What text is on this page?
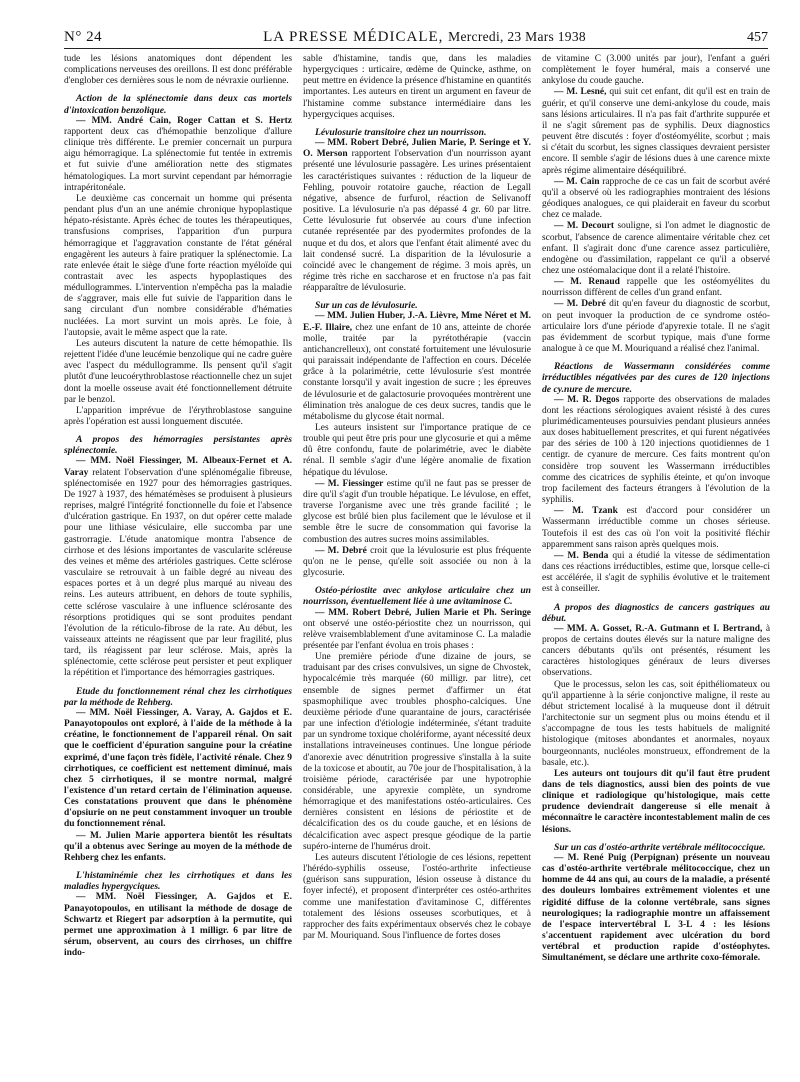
N° 24	LA PRESSE MÉDICALE, Mercredi, 23 Mars 1938	457

tude les lésions anatomiques dont dépendent les complications nerveuses des oreillons. Il est donc préférable d'englober ces dernières sous le nom de névraxie ourlienne.

Action de la splénectomie dans deux cas mortels d'intoxication benzolique.

— MM. André Cain, Roger Cattan et S. Hertz rapportent deux cas d'hémopathie benzolique d'allure clinique très différente. Le premier concernait un purpura aigu hémorragique. La splénectomie fut tentée in extremis et fut suivie d'une amélioration nette des stigmates hématologiques. La mort survint cependant par hémorragie intrapéritonéale.

Le deuxième cas concernait un homme qui présenta pendant plus d'un an une anémie chronique hypoplastique hépato-résistante. Après échec de toutes les thérapeutiques, transfusions comprises, l'apparition d'un purpura hémorragique et l'aggravation constante de l'état général engagèrent les auteurs à faire pratiquer la splénectomie. La rate enlevée était le siège d'une forte réaction myéloïde qui contrastait avec les aspects hypoplastiques des médullogrammes. L'intervention n'empêcha pas la maladie de s'aggraver, mais elle fut suivie de l'apparition dans le sang circulant d'un nombre considérable d'hématies nucléées. La mort survint un mois après. Le foie, à l'autopsie, avait le même aspect que la rate.

Les auteurs discutent la nature de cette hémopathie. Ils rejettent l'idée d'une leucémie benzolique qui ne cadre guère avec l'aspect du médullogramme. Ils pensent qu'il s'agit plutôt d'une leucoérythroblastose réactionnelle chez un sujet dont la moelle osseuse avait été fonctionnellement détruite par le benzol.

L'apparition imprévue de l'érythroblastose sanguine après l'opération est aussi longuement discutée.

A propos des hémorragies persistantes après splénectomie.

— MM. Noël Fiessinger, M. Albeaux-Fernet et A. Varay relatent l'observation d'une splénomégalie fibreuse, splénectomisée en 1927 pour des hémorragies gastriques. De 1927 à 1937, des hématémèses se produisent à plusieurs reprises, malgré l'intégrité fonctionnelle du foie et l'absence d'ulcération gastrique. En 1937, on dut opérer cette malade pour une lithiase vésiculaire, elle succomba par une gastrorragie. L'étude anatomique montra l'absence de cirrhose et des lésions importantes de vascularite scléreuse des veines et même des artérioles gastriques. Cette sclérose vasculaire se retrouvait à un faible degré au niveau des espaces portes et à un degré plus marqué au niveau des reins. Les auteurs attribuent, en dehors de toute syphilis, cette sclérose vasculaire à une influence sclérosante des résorptions protidiques qui se sont produites pendant l'évolution de la réticulo-fibrose de la rate. Au début, les vaisseaux atteints ne réagissent que par leur fragilité, plus tard, ils réagissent par leur sclérose. Mais, après la splénectomie, cette sclérose peut persister et peut expliquer la répétition et l'importance des hémorragies gastriques.

Etude du fonctionnement rénal chez les cirrhotiques par la méthode de Rehberg.

— MM. Noël Fiessinger, A. Varay, A. Gajdos et E. Panayotopoulos ont exploré, à l'aide de la méthode à la créatine, le fonctionnement de l'appareil rénal. On sait que le coefficient d'épuration sanguine pour la créatine exprimé, d'une façon très fidèle, l'activité rénale. Chez 9 cirrhotiques, ce coefficient est nettement diminué, mais chez 5 cirrhotiques, il se montre normal, malgré l'existence d'un retard certain de l'élimination aqueuse. Ces constatations prouvent que dans le phénomène d'opsiurie on ne peut constamment invoquer un trouble du fonctionnement rénal.

— M. Julien Marie apportera bientôt les résultats qu'il a obtenus avec Seringe au moyen de la méthode de Rehberg chez les enfants.

L'histaminémie chez les cirrhotiques et dans les maladies hypergyciques.

— MM. Noël Fiessinger, A. Gajdos et E. Panayotopoulos, en utilisant la méthode de dosage de Schwartz et Riegert par adsorption à la permutite, qui permet une approximation à 1 milligr. 6 par litre de sérum, observent, au cours des cirrhoses, un chiffre indo-

sable d'histamine, tandis que, dans les maladies hypergyciques : urticaire, œdème de Quincke, asthme, on peut mettre en évidence la présence d'histamine en quantités importantes. Les auteurs en tirent un argument en faveur de l'histamine comme substance intermédiaire dans les hypergyciques acquises.

Lévulosurie transitoire chez un nourrisson.

— MM. Robert Debré, Julien Marie, P. Seringe et Y. O. Merson rapportent l'observation d'un nourrisson ayant présenté une lévulosurie passagère. Les urines présentaient les caractéristiques suivantes : réduction de la liqueur de Fehling, pouvoir rotatoire gauche, réaction de Legall négative, absence de furfurol, réaction de Selivanoff positive. La lévulosurie n'a pas dépassé 4 gr. 60 par litre. Cette lévulosurie fut observée au cours d'une infection cutanée représentée par des pyodermites profondes de la nuque et du dos, et alors que l'enfant était alimenté avec du lait condensé sucré. La disparition de la lévulosurie a coïncidé avec le changement de régime. 3 mois après, un régime très riche en saccharose et en fructose n'a pas fait réapparaître de lévulosurie.

Sur un cas de lévulosurie.

— MM. Julien Huber, J.-A. Lièvre, Mme Néret et M. E.-F. Illaire, chez une enfant de 10 ans, atteinte de chorée molle, traitée par la pyrétothérapie (vaccin antichancrelleux), ont constaté fortuitement une lévulosurie qui paraissait indépendante de l'affection en cours. Décelée grâce à la polarimétrie, cette lévulosurie s'est montrée constante lorsqu'il y avait ingestion de sucre ; les épreuves de lévulosurie et de galactosurie provoquées montrèrent une élimination très analogue de ces deux sucres, tandis que le métabolisme du glycose était normal.

Les auteurs insistent sur l'importance pratique de ce trouble qui peut être pris pour une glycosurie et qui a même dû être confondu, faute de polarimétrie, avec le diabète rénal. Il semble s'agir d'une légère anomalie de fixation hépatique du lévulose.

— M. Fiessinger estime qu'il ne faut pas se presser de dire qu'il s'agit d'un trouble hépatique. Le lévulose, en effet, traverse l'organisme avec une très grande facilité ; le glycose est brûlé bien plus facilement que le lévulose et il semble être le sucre de consommation qui favorise la combustion des autres sucres moins assimilables.

— M. Debré croit que la lévulosurie est plus fréquente qu'on ne le pense, qu'elle soit associée ou non à la glycosurie.

Ostéo-périostite avec ankylose articulaire chez un nourrisson, éventuellement liée à une avitaminose C.

— MM. Robert Debré, Julien Marie et Ph. Seringe ont observé une ostéo-périostite chez un nourrisson, qui relève vraisemblablement d'une avitaminose C. La maladie présentée par l'enfant évolua en trois phases :

Une première période d'une dizaine de jours, se traduisant par des crises convulsives, un signe de Chvostek, hypocalcémie très marquée (60 milligr. par litre), cet ensemble de signes permet d'affirmer un état spasmophilique avec troubles phospho-calciques. Une deuxième période d'une quarantaine de jours, caractérisée par une infection d'étiologie indéterminée, s'étant traduite par un syndrome toxique cholériforme, ayant nécessité deux installations intraveineuses continues. Une longue période d'anorexie avec dénutrition progressive s'installa à la suite de la toxicose et aboutit, au 70e jour de l'hospitalisation, à la troisième période, caractérisée par une hypotrophie considérable, une apyrexie complète, un syndrome hémorragique et des manifestations ostéo-articulaires. Ces dernières consistent en lésions de périostite et de décalcification des os du coude gauche, et en lésions de décalcification avec aspect presque géodique de la partie supéro-interne de l'humérus droit.

Les auteurs discutent l'étiologie de ces lésions, repettent l'hérédo-syphilis osseuse, l'ostéo-arthrite infectieuse (guérison sans suppuration, lésion osseuse à distance du foyer infecté), et proposent d'interpréter ces ostéo-arthrites comme une manifestation d'avitaminose C, différentes totalement des lésions osseuses scorbutiques, et à rapprocher des faits expérimentaux observés chez le cobaye par M. Mouriquand. Sous l'influence de fortes doses

de vitamine C (3.000 unités par jour), l'enfant a guéri complètement le foyer huméral, mais a conservé une ankylose du coude gauche.

— M. Lesné, qui suit cet enfant, dit qu'il est en train de guérir, et qu'il conserve une demi-ankylose du coude, mais sans lésions articulaires. Il n'a pas fait d'arthrite suppurée et il ne s'agit sûrement pas de syphilis. Deux diagnostics peuvent être discutés : foyer d'ostéomyélite, scorbut ; mais si c'était du scorbut, les signes classiques devraient persister encore. Il semble s'agir de lésions dues à une carence mixte après régime alimentaire déséquilibré.

— M. Cain rapproche de ce cas un fait de scorbut avéré qu'il a observé où les radiographies montraient des lésions géodiques analogues, ce qui plaiderait en faveur du scorbut chez ce malade.

— M. Decourt souligne, si l'on admet le diagnostic de scorbut, l'absence de carence alimentaire véritable chez cet enfant. Il s'agirait donc d'une carence assez particulière, endogène ou d'assimilation, rappelant ce qu'il a observé chez une ostéomalacique dont il a relaté l'histoire.

— M. Renaud rappelle que les ostéomyélites du nourrisson diffèrent de celles d'un grand enfant.

— M. Debré dit qu'en faveur du diagnostic de scorbut, on peut invoquer la production de ce syndrome ostéo-articulaire lors d'une période d'apyrexie totale. Il ne s'agit pas évidemment de scorbut typique, mais d'une forme analogue à ce que M. Mouriquand a réalisé chez l'animal.

Réactions de Wassermann considérées comme irréductibles négativées par des cures de 120 injections de cy.nure de mercure.

— M. R. Degos rapporte des observations de malades dont les réactions sérologiques avaient résisté à des cures plurimédicamenteuses poursuivies pendant plusieurs années aux doses habituellement prescrites, et qui furent négativées par des séries de 100 à 120 injections quotidiennes de 1 centigr. de cyanure de mercure. Ces faits montrent qu'on considère trop souvent les Wassermann irréductibles comme des cicatrices de syphilis éteinte, et qu'on invoque trop facilement des facteurs étrangers à l'évolution de la syphilis.

— M. Tzank est d'accord pour considérer un Wassermann irréductible comme un choses sérieuse. Toutefois il est des cas où l'on voit la positivité fléchir apparemment sans raison après quelques mois.

— M. Benda qui a étudié la vitesse de sédimentation dans ces réactions irréductibles, estime que, lorsque celle-ci est accélérée, il s'agit de syphilis évolutive et le traitement est à conseiller.

A propos des diagnostics de cancers gastriques au début.

— MM. A. Gosset, R.-A. Gutmann et I. Bertrand, à propos de certains doutes élevés sur la nature maligne des cancers débutants qu'ils ont présentés, résument les caractères histologiques généraux de leurs diverses observations.

Que le processus, selon les cas, soit épithéliomateux ou qu'il appartienne à la série conjonctive maligne, il reste au début strictement localisé à la muqueuse dont il détruit l'architectonie sur un segment plus ou moins étendu et il s'accompagne de tous les tests habituels de malignité histologique (mitoses abondantes et anormales, noyaux bourgeonnants, nucléoles monstrueux, effondrement de la basale, etc.).

Les auteurs ont toujours dit qu'il faut être prudent dans de tels diagnostics, aussi bien des points de vue clinique et radiologique qu'histologique, mais cette prudence deviendrait dangereuse si elle menait à méconnaître le caractère incontestablement malin de ces lésions.

Sur un cas d'ostéo-arthrite vertébrale mélitococcique.

— M. René Puig (Perpignan) présente un nouveau cas d'ostéo-arthrite vertébrale mélitococcique, chez un homme de 44 ans qui, au cours de la maladie, a présenté des douleurs lombaires extrêmement violentes et une rigidité diffuse de la colonne vertébrale, sans signes neurologiques; la radiographie montre un affaissement de l'espace intervertébral L 3-L 4 : les lésions s'accentuent rapidement avec ulcération du bord vertébral et production rapide d'ostéophytes. Simultanément, se déclare une arthrite coxo-fémorale.
